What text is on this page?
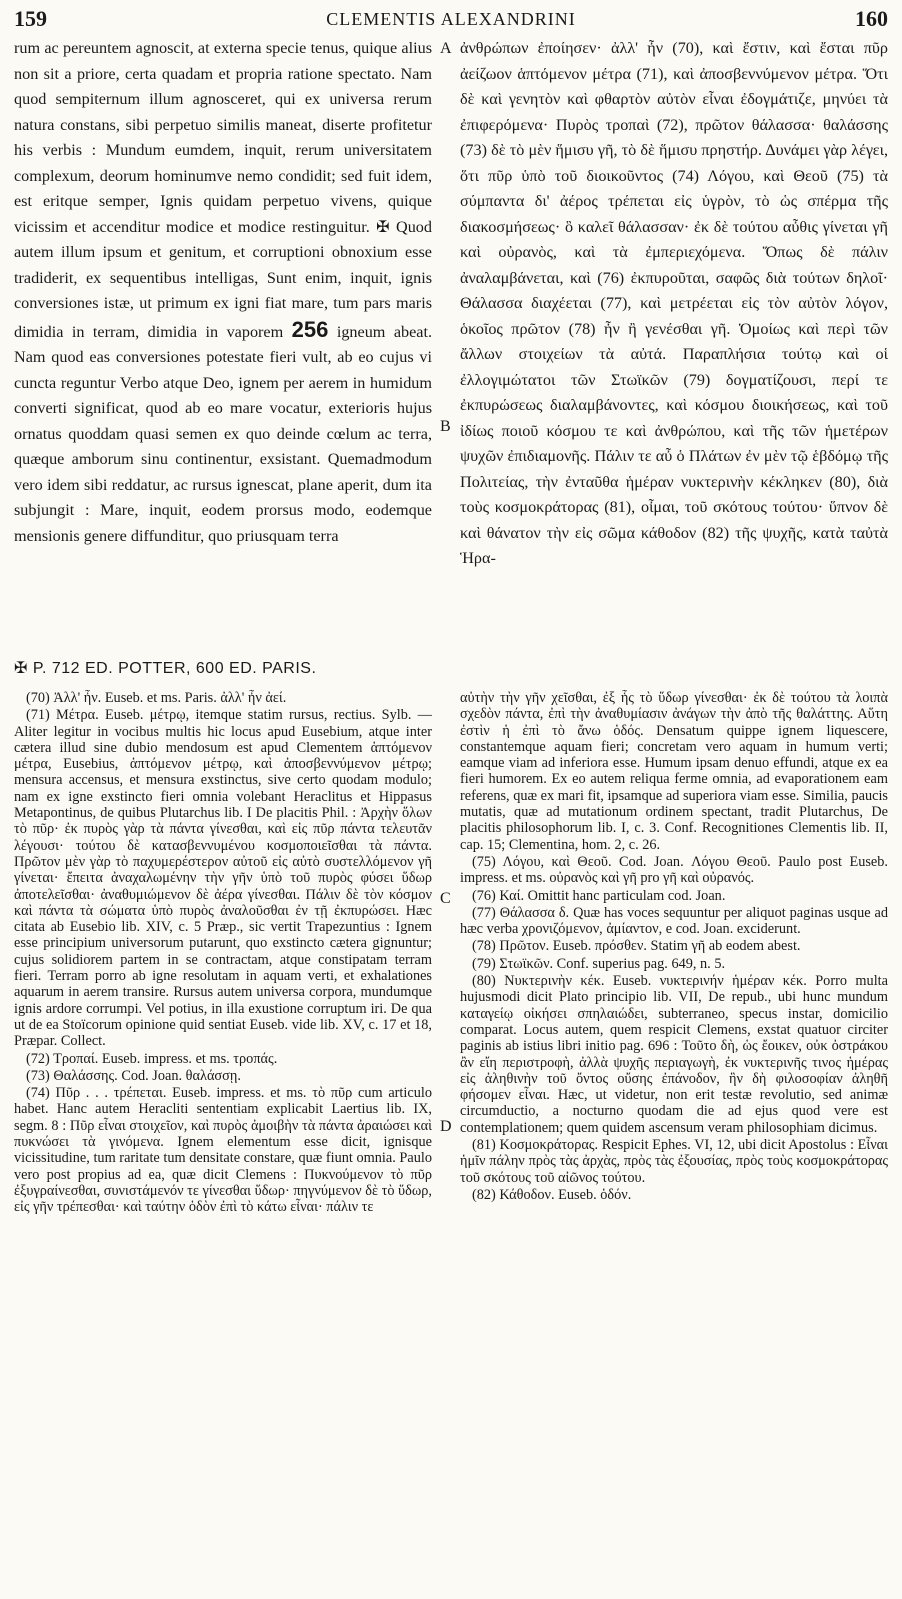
159	CLEMENTIS ALEXANDRINI	160

rum ac pereuntem agnoscit, at externa specie tenus, quique alius non sit a priore, certa quadam et propria ratione spectato. Nam quod sempiternum illum agnosceret, qui ex universa rerum natura constans, sibi perpetuo similis maneat, diserte profitetur his verbis : Mundum eumdem, inquit, rerum universitatem complexum, deorum hominumve nemo condidit; sed fuit idem, est eritque semper, Ignis quidam perpetuo vivens, quique vicissim et accenditur modice et modice restinguitur. ✠ Quod autem illum ipsum et genitum, et corruptioni obnoxium esse tradiderit, ex sequentibus intelligas, Sunt enim, inquit, ignis conversiones istæ, ut primum ex igni fiat mare, tum pars maris dimidia in terram, dimidia in vaporem 256 igneum abeat. Nam quod eas conversiones potestate fieri vult, ab eo cujus vi cuncta reguntur Verbo atque Deo, ignem per aerem in humidum converti significat, quod ab eo mare vocatur, exterioris hujus ornatus quoddam quasi semen ex quo deinde cœlum ac terra, quæque amborum sinu continentur, exsistant. Quemadmodum vero idem sibi reddatur, ac rursus ignescat, plane aperit, dum ita subjungit : Mare, inquit, eodem prorsus modo, eodemque mensionis genere diffunditur, quo priusquam terra

A
B
C
D

ἀνθρώπων ἐποίησεν· ἀλλ' ἦν (70), καὶ ἔστιν, καὶ ἔσται πῦρ ἀείζωον ἁπτόμενον μέτρα (71), καὶ ἀποσβεννύμενον μέτρα. Ὅτι δὲ καὶ γενητὸν καὶ φθαρτὸν αὐτὸν εἶναι ἐδογμάτιζε, μηνύει τὰ ἐπιφερόμενα· Πυρὸς τροπαὶ (72), πρῶτον θάλασσα· θαλάσσης (73) δὲ τὸ μὲν ἥμισυ γῆ, τὸ δὲ ἥμισυ πρηστήρ. Δυνάμει γὰρ λέγει, ὅτι πῦρ ὑπὸ τοῦ διοικοῦντος (74) Λόγου, καὶ Θεοῦ (75) τὰ σύμπαντα δι' ἀέρος τρέπεται εἰς ὑγρὸν, τὸ ὡς σπέρμα τῆς διακοσμήσεως· ὃ καλεῖ θάλασσαν· ἐκ δὲ τούτου αὖθις γίνεται γῆ καὶ οὐρανὸς, καὶ τὰ ἐμπεριεχόμενα. Ὅπως δὲ πάλιν ἀναλαμβάνεται, καὶ (76) ἐκπυροῦται, σαφῶς διὰ τούτων δηλοῖ· Θάλασσα διαχέεται (77), καὶ μετρέεται εἰς τὸν αὐτὸν λόγον, ὁκοῖος πρῶτον (78) ἦν ἢ γενέσθαι γῆ. Ὁμοίως καὶ περὶ τῶν ἄλλων στοιχείων τὰ αὐτά. Παραπλήσια τούτῳ καὶ οἱ ἐλλογιμώτατοι τῶν Στωϊκῶν (79) δογματίζουσι, περί τε ἐκπυρώσεως διαλαμβάνοντες, καὶ κόσμου διοικήσεως, καὶ τοῦ ἰδίως ποιοῦ κόσμου τε καὶ ἀνθρώπου, καὶ τῆς τῶν ἡμετέρων ψυχῶν ἐπιδιαμονῆς. Πάλιν τε αὖ ὁ Πλάτων ἐν μὲν τῷ ἑβδόμῳ τῆς Πολιτείας, τὴν ἐνταῦθα ἡμέραν νυκτερινὴν κέκληκεν (80), διὰ τοὺς κοσμοκράτορας (81), οἶμαι, τοῦ σκότους τούτου· ὕπνον δὲ καὶ θάνατον τὴν εἰς σῶμα κάθοδον (82) τῆς ψυχῆς, κατὰ ταὐτὰ Ἡρα-

✠ P. 712 ED. POTTER, 600 ED. PARIS.

(70) Ἀλλ' ἦν. Euseb. et ms. Paris. ἀλλ' ἦν ἀεί.

(71) Μέτρα. Euseb. μέτρῳ, itemque statim rursus, rectius. Sylb. — Aliter legitur in vocibus multis hic locus apud Eusebium, atque inter cætera illud sine dubio mendosum est apud Clementem ἁπτόμενον μέτρα, Eusebius, ἁπτόμενον μέτρῳ, καὶ ἀποσβεννύμενον μέτρῳ; mensura accensus, et mensura exstinctus, sive certo quodam modulo; nam ex igne exstincto fieri omnia volebant Heraclitus et Hippasus Metapontinus, de quibus Plutarchus lib. I De placitis Phil. : Ἀρχὴν ὅλων τὸ πῦρ· ἐκ πυρὸς γὰρ τὰ πάντα γίνεσθαι, καὶ εἰς πῦρ πάντα τελευτᾶν λέγουσι· τούτου δὲ κατασβεννυμένου κοσμοποιεῖσθαι τὰ πάντα. Πρῶτον μὲν γὰρ τὸ παχυμερέστερον αὐτοῦ εἰς αὐτὸ συστελλόμενον γῆ γίνεται· ἔπειτα ἀναχαλωμένην τὴν γῆν ὑπὸ τοῦ πυρὸς φύσει ὕδωρ ἀποτελεῖσθαι· ἀναθυμιώμενον δὲ ἀέρα γίνεσθαι. Πάλιν δὲ τὸν κόσμον καὶ πάντα τὰ σώματα ὑπὸ πυρὸς ἀναλοῦσθαι ἐν τῇ ἐκπυρώσει. Hæc citata ab Eusebio lib. XIV, c. 5 Præp., sic vertit Trapezuntius : Ignem esse principium universorum putarunt, quo exstincto cætera gignuntur; cujus solidiorem partem in se contractam, atque constipatam terram fieri. Terram porro ab igne resolutam in aquam verti, et exhalationes aquarum in aerem transire. Rursus autem universa corpora, mundumque ignis ardore corrumpi. Vel potius, in illa exustione corruptum iri. De qua ut de ea Stoïcorum opinione quid sentiat Euseb. vide lib. XV, c. 17 et 18, Præpar. Collect.

(72) Τροπαί. Euseb. impress. et ms. τροπάς.

(73) Θαλάσσης. Cod. Joan. θαλάσσῃ.

(74) Πῦρ . . . τρέπεται. Euseb. impress. et ms. τὸ πῦρ cum articulo habet. Hanc autem Heracliti sententiam explicabit Laertius lib. IX, segm. 8 : Πῦρ εἶναι στοιχεῖον, καὶ πυρὸς ἀμοιβὴν τὰ πάντα ἀραιώσει καὶ πυκνώσει τὰ γινόμενα. Ignem elementum esse dicit, ignisque vicissitudine, tum raritate tum densitate constare, quæ fiunt omnia. Paulo vero post propius ad ea, quæ dicit Clemens : Πυκνούμενον τὸ πῦρ ἐξυγραίνεσθαι, συνιστάμενόν τε γίνεσθαι ὕδωρ· πηγνύμενον δὲ τὸ ὕδωρ, εἰς γῆν τρέπεσθαι· καὶ ταύτην ὁδὸν ἐπὶ τὸ κάτω εἶναι· πάλιν τε

αὐτὴν τὴν γῆν χεῖσθαι, ἐξ ἧς τὸ ὕδωρ γίνεσθαι· ἐκ δὲ τούτου τὰ λοιπὰ σχεδὸν πάντα, ἐπὶ τὴν ἀναθυμίασιν ἀνάγων τὴν ἀπὸ τῆς θαλάττης. Αὕτη ἐστὶν ἡ ἐπὶ τὸ ἄνω ὁδός. Densatum quippe ignem liquescere, constantemque aquam fieri; concretam vero aquam in humum verti; eamque viam ad inferiora esse. Humum ipsam denuo effundi, atque ex ea fieri humorem. Ex eo autem reliqua ferme omnia, ad evaporationem eam referens, quæ ex mari fit, ipsamque ad superiora viam esse. Similia, paucis mutatis, quæ ad mutationum ordinem spectant, tradit Plutarchus, De placitis philosophorum lib. I, c. 3. Conf. Recognitiones Clementis lib. II, cap. 15; Clementina, hom. 2, c. 26.

(75) Λόγου, καὶ Θεοῦ. Cod. Joan. Λόγου Θεοῦ. Paulo post Euseb. impress. et ms. οὐρανὸς καὶ γῆ pro γῆ καὶ οὐρανός.

(76) Καί. Omittit hanc particulam cod. Joan.

(77) Θάλασσα δ. Quæ has voces sequuntur per aliquot paginas usque ad hæc verba χρονιζόμενον, ἀμίαντον, e cod. Joan. exciderunt.

(78) Πρῶτον. Euseb. πρόσθεν. Statim γῆ ab eodem abest.

(79) Στωϊκῶν. Conf. superius pag. 649, n. 5.

(80) Νυκτερινὴν κέκ. Euseb. νυκτερινήν ἡμέραν κέκ. Porro multa hujusmodi dicit Plato principio lib. VII, De repub., ubi hunc mundum καταγείῳ οἰκήσει σπηλαιώδει, subterraneo, specus instar, domicilio comparat. Locus autem, quem respicit Clemens, exstat quatuor circiter paginis ab istius libri initio pag. 696 : Τοῦτο δὴ, ὡς ἔοικεν, οὐκ ὀστράκου ἂν εἴη περιστροφὴ, ἀλλὰ ψυχῆς περιαγωγὴ, ἐκ νυκτερινῆς τινος ἡμέρας εἰς ἀληθινὴν τοῦ ὄντος οὔσης ἐπάνοδον, ἣν δὴ φιλοσοφίαν ἀληθῆ φήσομεν εἶναι. Hæc, ut videtur, non erit testæ revolutio, sed animæ circumductio, a nocturno quodam die ad ejus quod vere est contemplationem; quem quidem ascensum veram philosophiam dicimus.

(81) Κοσμοκράτορας. Respicit Ephes. VI, 12, ubi dicit Apostolus : Εἶναι ἡμῖν πάλην πρὸς τὰς ἀρχὰς, πρὸς τὰς ἐξουσίας, πρὸς τοὺς κοσμοκράτορας τοῦ σκότους τοῦ αἰῶνος τούτου.

(82) Κάθοδον. Euseb. ὁδόν.
